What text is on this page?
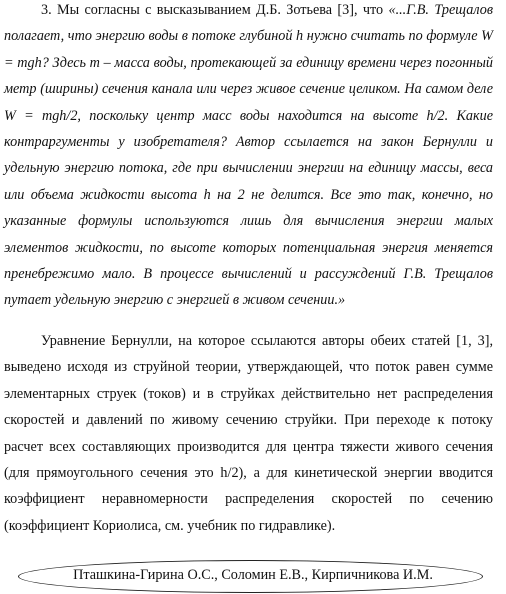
3. Мы согласны с высказыванием Д.Б. Зотьева [3], что «...Г.В. Трещалов полагает, что энергию воды в потоке глубиной h нужно считать по формуле W = mgh? Здесь m – масса воды, протекающей за единицу времени через погонный метр (ширины) сечения канала или через живое сечение целиком. На самом деле W = mgh/2, поскольку центр масс воды находится на высоте h/2. Какие контраргументы у изобретателя? Автор ссылается на закон Бернулли и удельную энергию потока, где при вычислении энергии на единицу массы, веса или объема жидкости высота h на 2 не делится. Все это так, конечно, но указанные формулы используются лишь для вычисления энергии малых элементов жидкости, по высоте которых потенциальная энергия меняется пренебрежимо мало. В процессе вычислений и рассуждений Г.В. Трещалов путает удельную энергию с энергией в живом сечении.»

Уравнение Бернулли, на которое ссылаются авторы обеих статей [1, 3], выведено исходя из струйной теории, утверждающей, что поток равен сумме элементарных струек (токов) и в струйках действительно нет распределения скоростей и давлений по живому сечению струйки. При переходе к потоку расчет всех составляющих производится для центра тяжести живого сечения (для прямоугольного сечения это h/2), а для кинетической энергии вводится коэффициент неравномерности распределения скоростей по сечению (коэффициент Кориолиса, см. учебник по гидравлике).

Пташкина-Гирина О.С., Соломин Е.В., Кирпичникова И.М.
